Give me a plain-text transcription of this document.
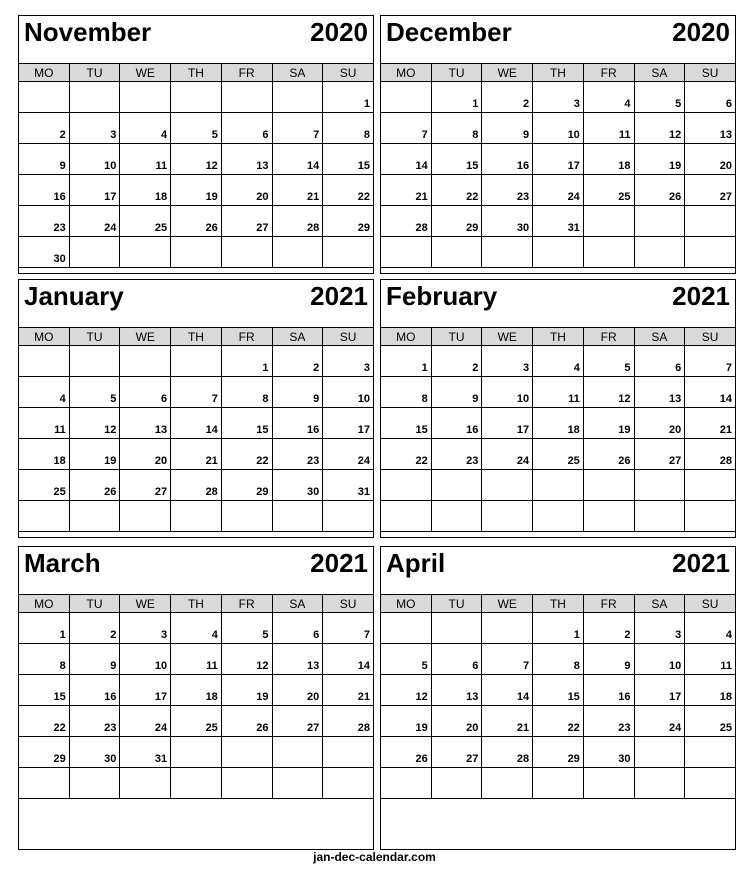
November	2020
MO	TU	WE	TH	FR	SA	SU
						1
2	3	4	5	6	7	8
9	10	11	12	13	14	15
16	17	18	19	20	21	22
23	24	25	26	27	28	29
30						
December	2020
MO	TU	WE	TH	FR	SA	SU
	1	2	3	4	5	6
7	8	9	10	11	12	13
14	15	16	17	18	19	20
21	22	23	24	25	26	27
28	29	30	31			

January	2021
MO	TU	WE	TH	FR	SA	SU
				1	2	3
4	5	6	7	8	9	10
11	12	13	14	15	16	17
18	19	20	21	22	23	24
25	26	27	28	29	30	31

February	2021
MO	TU	WE	TH	FR	SA	SU
1	2	3	4	5	6	7
8	9	10	11	12	13	14
15	16	17	18	19	20	21
22	23	24	25	26	27	28

March	2021
MO	TU	WE	TH	FR	SA	SU
1	2	3	4	5	6	7
8	9	10	11	12	13	14
15	16	17	18	19	20	21
22	23	24	25	26	27	28
29	30	31				

April	2021
MO	TU	WE	TH	FR	SA	SU
			1	2	3	4
5	6	7	8	9	10	11
12	13	14	15	16	17	18
19	20	21	22	23	24	25
26	27	28	29	30		

jan-dec-calendar.com
